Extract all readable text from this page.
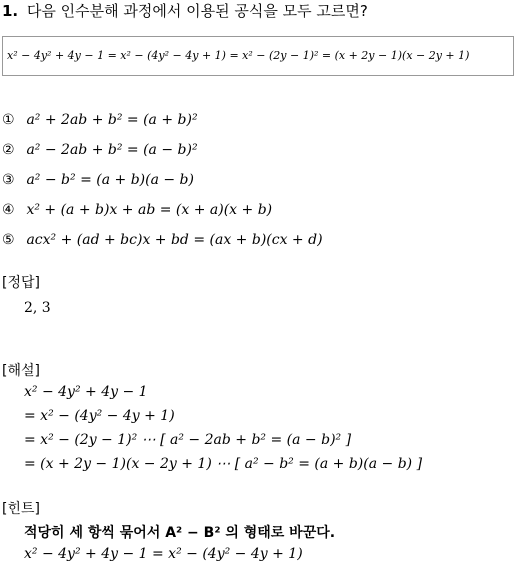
1. 다음 인수분해 과정에서 이용된 공식을 모두 고르면?
x² − 4y² + 4y − 1 = x² − (4y² − 4y + 1) = x² − (2y − 1)² = (x + 2y − 1)(x − 2y + 1)
① a² + 2ab + b² = (a + b)²
② a² − 2ab + b² = (a − b)²
③ a² − b² = (a + b)(a − b)
④ x² + (a + b)x + ab = (x + a)(x + b)
⑤ acx² + (ad + bc)x + bd = (ax + b)(cx + d)
[정답]
2, 3
[해설]
x² − 4y² + 4y − 1
= x² − (4y² − 4y + 1)
= x² − (2y − 1)² ⋯ [ a² − 2ab + b² = (a − b)² ]
= (x + 2y − 1)(x − 2y + 1) ⋯ [ a² − b² = (a + b)(a − b) ]
[힌트]
적당히 세 항씩 묶어서 A² − B² 의 형태로 바꾼다.
x² − 4y² + 4y − 1 = x² − (4y² − 4y + 1)
